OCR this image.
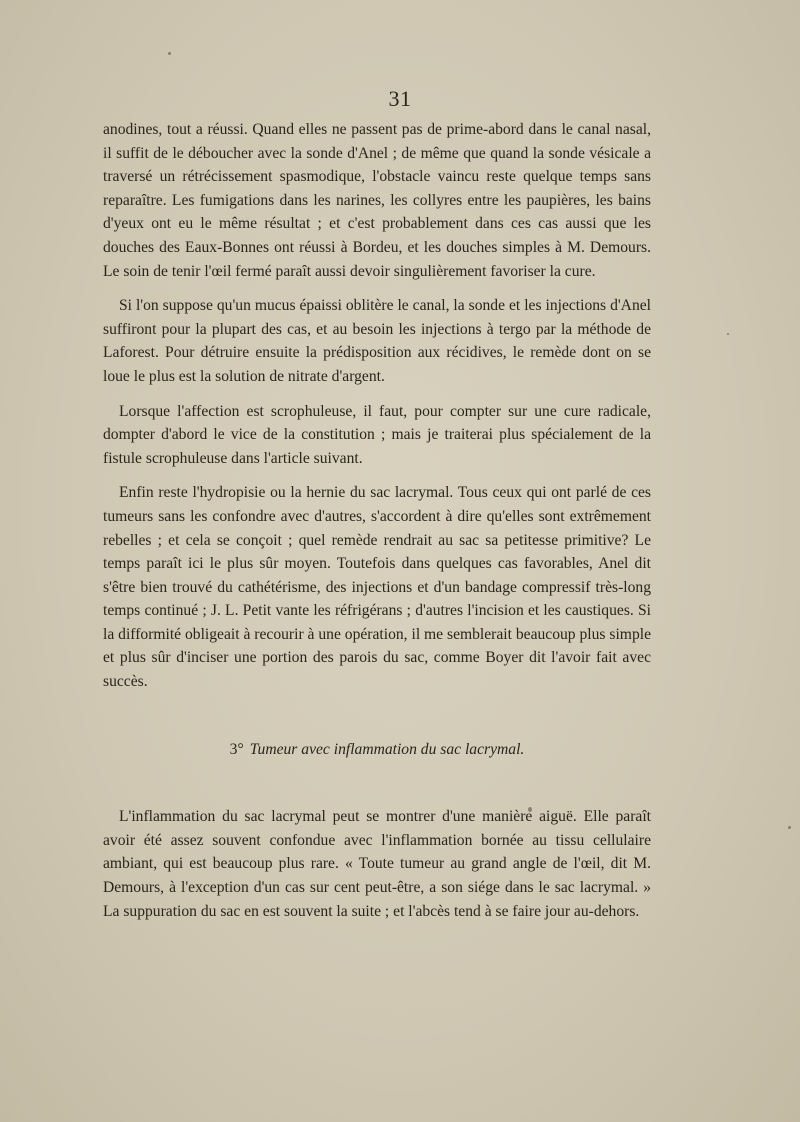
31

anodines, tout a réussi. Quand elles ne passent pas de prime-abord dans le canal nasal, il suffit de le déboucher avec la sonde d'Anel ; de même que quand la sonde vésicale a traversé un rétrécissement spasmodique, l'obstacle vaincu reste quelque temps sans reparaître. Les fumigations dans les narines, les collyres entre les paupières, les bains d'yeux ont eu le même résultat ; et c'est probablement dans ces cas aussi que les douches des Eaux-Bonnes ont réussi à Bordeu, et les douches simples à M. Demours. Le soin de tenir l'œil fermé paraît aussi devoir singulièrement favoriser la cure.

Si l'on suppose qu'un mucus épaissi oblitère le canal, la sonde et les injections d'Anel suffiront pour la plupart des cas, et au besoin les injections à tergo par la méthode de Laforest. Pour détruire ensuite la prédisposition aux récidives, le remède dont on se loue le plus est la solution de nitrate d'argent.

Lorsque l'affection est scrophuleuse, il faut, pour compter sur une cure radicale, dompter d'abord le vice de la constitution ; mais je traiterai plus spécialement de la fistule scrophuleuse dans l'article suivant.

Enfin reste l'hydropisie ou la hernie du sac lacrymal. Tous ceux qui ont parlé de ces tumeurs sans les confondre avec d'autres, s'accordent à dire qu'elles sont extrêmement rebelles ; et cela se conçoit ; quel remède rendrait au sac sa petitesse primitive? Le temps paraît ici le plus sûr moyen. Toutefois dans quelques cas favorables, Anel dit s'être bien trouvé du cathétérisme, des injections et d'un bandage compressif très-long temps continué ; J. L. Petit vante les réfrigérans ; d'autres l'incision et les caustiques. Si la difformité obligeait à recourir à une opération, il me semblerait beaucoup plus simple et plus sûr d'inciser une portion des parois du sac, comme Boyer dit l'avoir fait avec succès.

3° Tumeur avec inflammation du sac lacrymal.

L'inflammation du sac lacrymal peut se montrer d'une manière aiguë. Elle paraît avoir été assez souvent confondue avec l'inflammation bornée au tissu cellulaire ambiant, qui est beaucoup plus rare. « Toute tumeur au grand angle de l'œil, dit M. Demours, à l'exception d'un cas sur cent peut-être, a son siége dans le sac lacrymal. » La suppuration du sac en est souvent la suite ; et l'abcès tend à se faire jour au-dehors.
